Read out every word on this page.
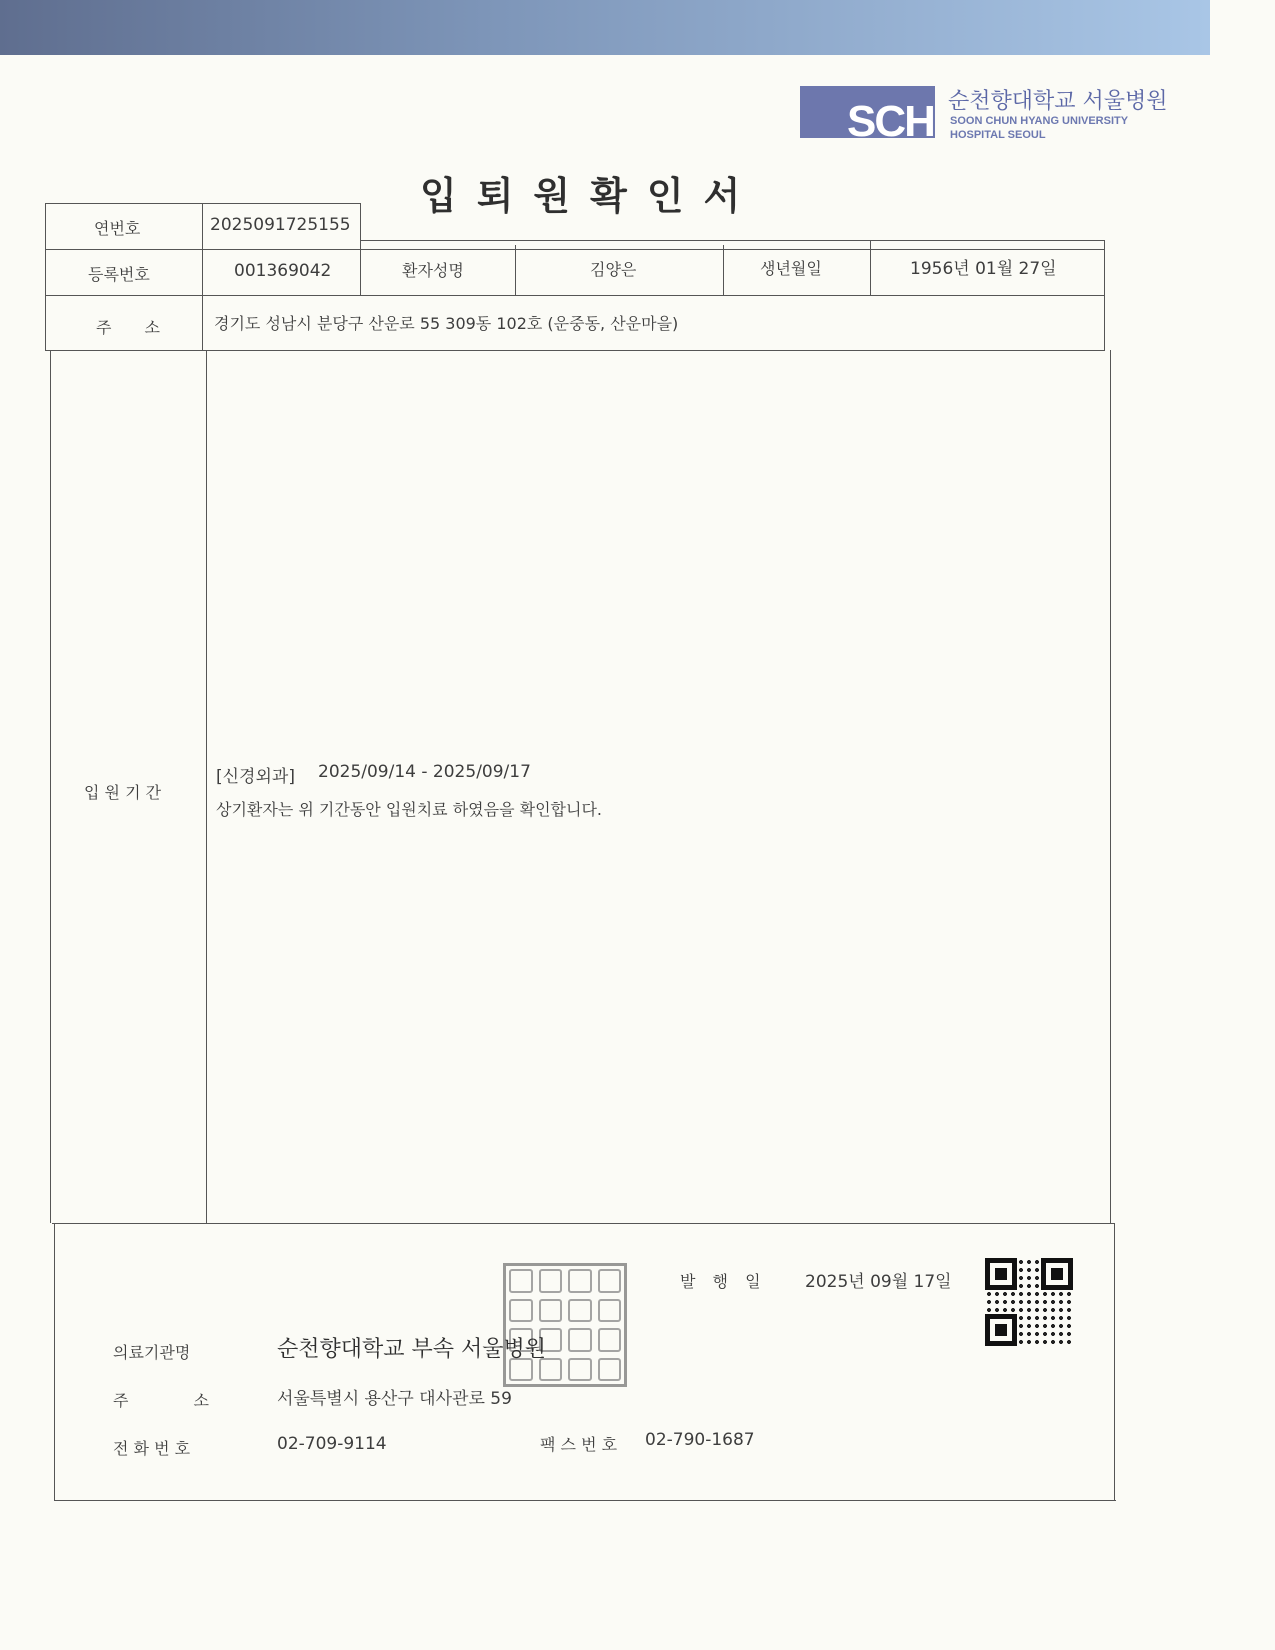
SCH 순천향대학교 서울병원
SOON CHUN HYANG UNIVERSITY
HOSPITAL SEOUL
입퇴원확인서
연번호	2025091725155
등록번호	001369042	환자성명	김양은	생년월일	1956년 01월 27일
주 소	경기도 성남시 분당구 산운로 55 309동 102호 (운중동, 산운마을)
입 원 기 간
[신경외과] 2025/09/14 - 2025/09/17
상기환자는 위 기간동안 입원치료 하였음을 확인합니다.
발 행 일 2025년 09월 17일
의료기관명	순천향대학교 부속 서울병원
주 소 서울특별시 용산구 대사관로 59
전 화 번 호	02-709-9114	팩 스 번 호 02-790-1687
